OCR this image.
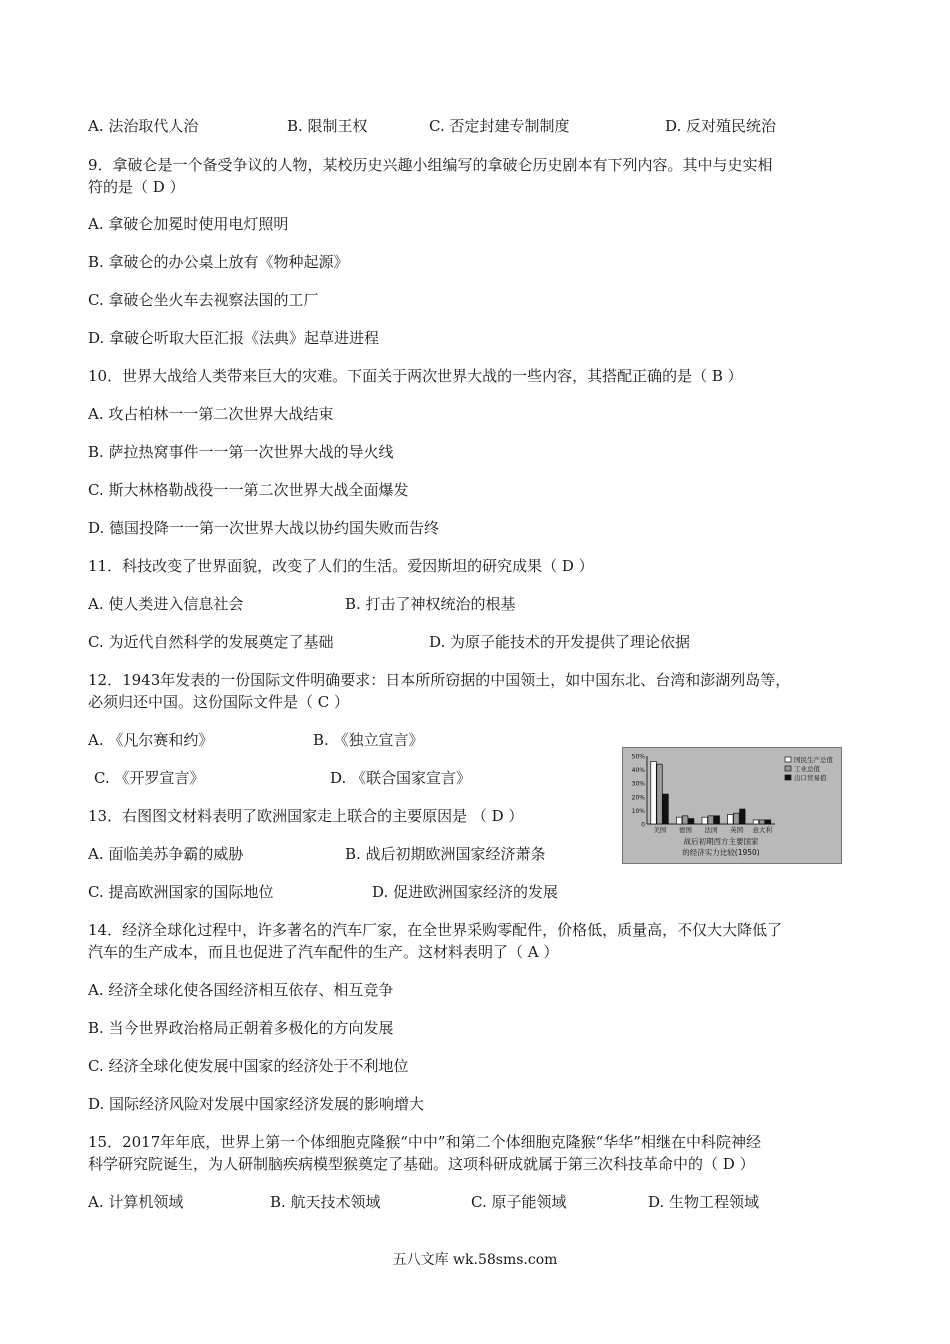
A. 法治取代人治	B. 限制王权	C. 否定封建专制制度	D. 反对殖民统治
9．拿破仑是一个备受争议的人物，某校历史兴趣小组编写的拿破仑历史剧本有下列内容。其中与史实相
符的是（ D ）
A. 拿破仑加冕时使用电灯照明
B. 拿破仑的办公桌上放有《物种起源》
C. 拿破仑坐火车去视察法国的工厂
D. 拿破仑听取大臣汇报《法典》起草进进程
10．世界大战给人类带来巨大的灾难。下面关于两次世界大战的一些内容，其搭配正确的是（ B ）
A. 攻占柏林一一第二次世界大战结束
B. 萨拉热窝事件一一第一次世界大战的导火线
C. 斯大林格勒战役一一第二次世界大战全面爆发
D. 德国投降一一第一次世界大战以协约国失败而告终
11．科技改变了世界面貌，改变了人们的生活。爱因斯坦的研究成果（ D ）
A. 使人类进入信息社会	B. 打击了神权统治的根基
C. 为近代自然科学的发展奠定了基础	D. 为原子能技术的开发提供了理论依据
12．1943年发表的一份国际文件明确要求：日本所所窃据的中国领土，如中国东北、台湾和澎湖列岛等，
必须归还中国。这份国际文件是（ C ）
A. 《凡尔赛和约》	B. 《独立宣言》
C. 《开罗宣言》	D. 《联合国家宣言》
50%
40%
30%
20%
10%
0
国民生产总值
工业总值
出口贸易值
美国 德国 法国 英国 意大利
战后初期西方主要国家
的经济实力比较(1950)
13．右图图文材料表明了欧洲国家走上联合的主要原因是 （ D ）
A. 面临美苏争霸的威胁	B. 战后初期欧洲国家经济萧条
C. 提高欧洲国家的国际地位	D. 促进欧洲国家经济的发展
14．经济全球化过程中，许多著名的汽车厂家，在全世界采购零配件，价格低，质量高，不仅大大降低了
汽车的生产成本，而且也促进了汽车配件的生产。这材料表明了（ A ）
A. 经济全球化使各国经济相互依存、相互竞争
B. 当今世界政治格局正朝着多极化的方向发展
C. 经济全球化使发展中国家的经济处于不利地位
D. 国际经济风险对发展中国家经济发展的影响增大
15．2017年年底，世界上第一个体细胞克隆猴“中中”和第二个体细胞克隆猴“华华”相继在中科院神经
科学研究院诞生，为人研制脑疾病模型猴奠定了基础。这项科研成就属于第三次科技革命中的（ D ）
A. 计算机领域	B. 航天技术领域	C. 原子能领域	D. 生物工程领域
五八文库 wk.58sms.com
